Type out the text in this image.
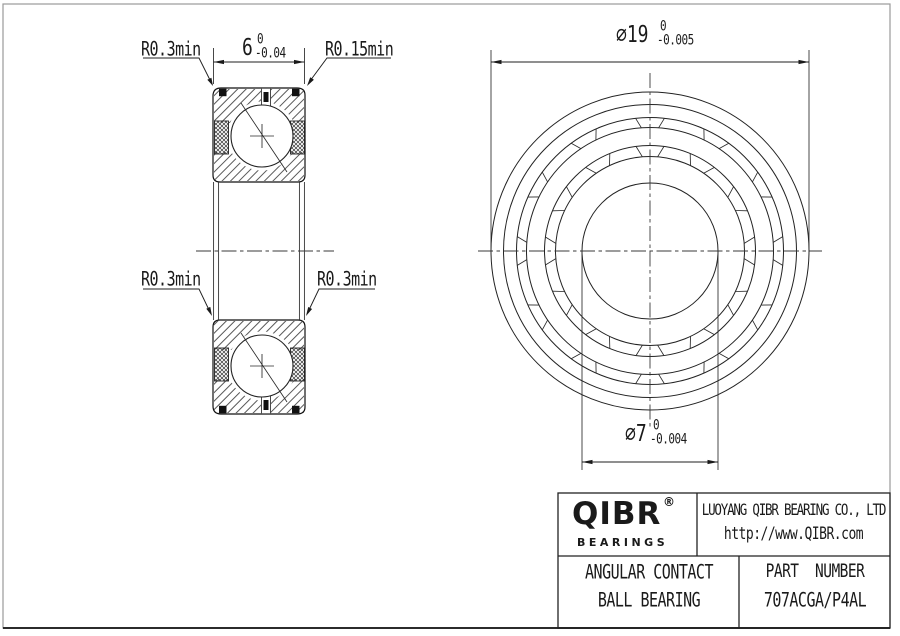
R0.3min	R0.15min
R0.3min	R0.3min
6 0
-0.04
∅19 0
-0.005
∅7 0
-0.004
QIBR ®
BEARINGS
LUOYANG QIBR BEARING CO., LTD
http://www.QIBR.com
ANGULAR CONTACT
BALL BEARING
PART  NUMBER
707ACGA/P4AL
